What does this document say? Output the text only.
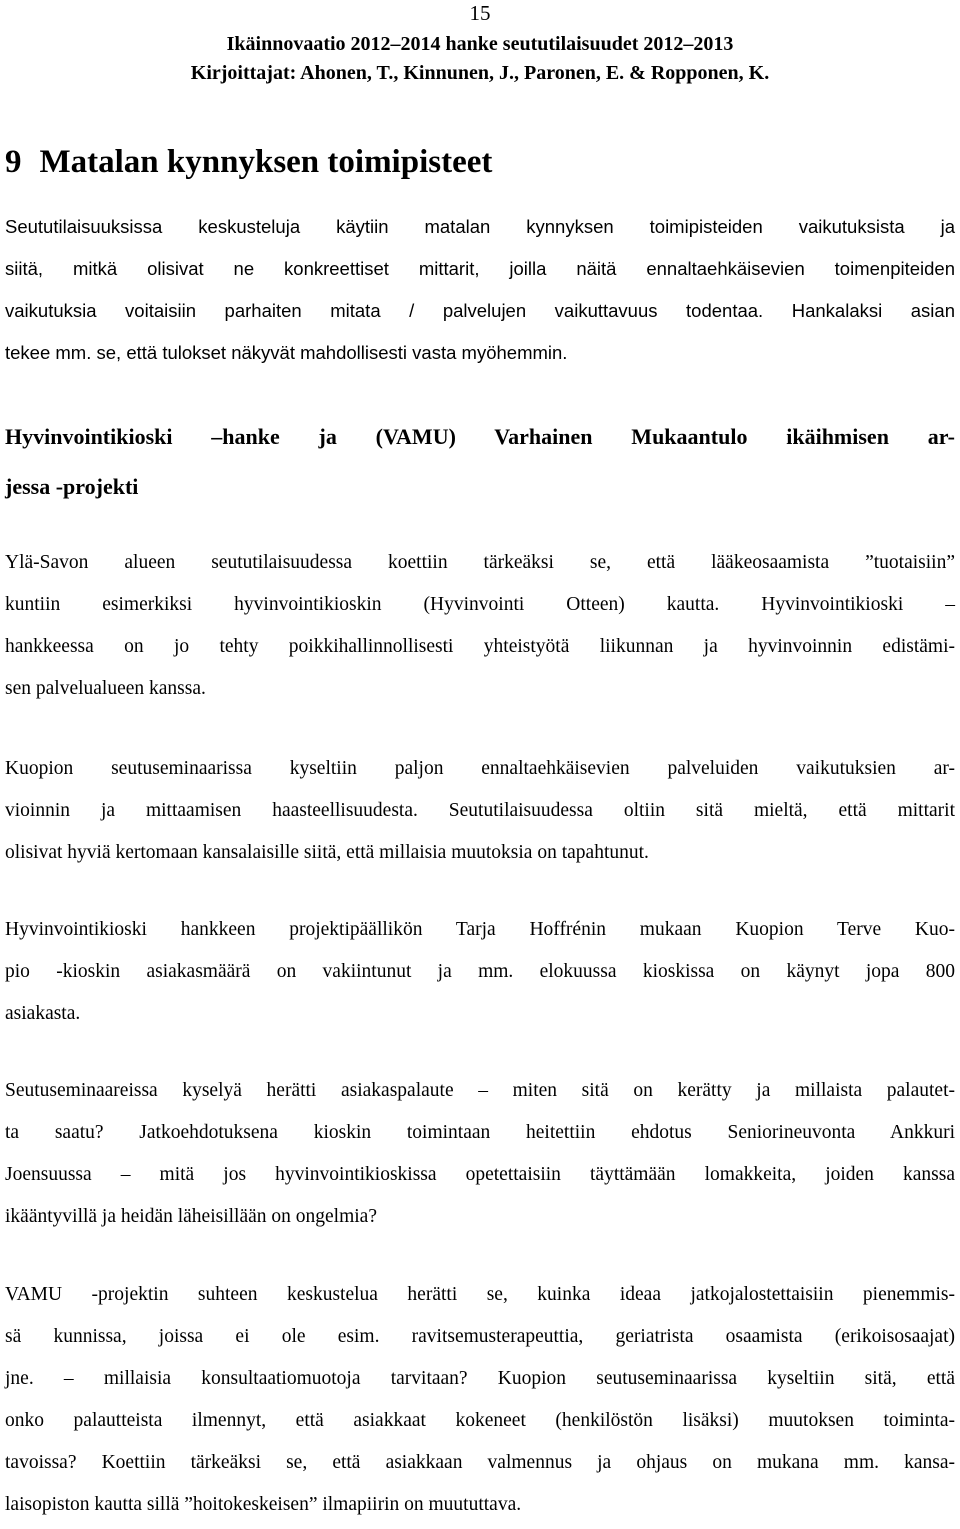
15
Ikäinnovaatio 2012–2014 hanke seututilaisuudet 2012–2013
Kirjoittajat: Ahonen, T., Kinnunen, J., Paronen, E. & Ropponen, K.
9 Matalan kynnyksen toimipisteet
Seututilaisuuksissa keskusteluja käytiin matalan kynnyksen toimipisteiden vaikutuksista ja
siitä, mitkä olisivat ne konkreettiset mittarit, joilla näitä ennaltaehkäisevien toimenpiteiden
vaikutuksia voitaisiin parhaiten mitata / palvelujen vaikuttavuus todentaa. Hankalaksi asian
tekee mm. se, että tulokset näkyvät mahdollisesti vasta myöhemmin.
Hyvinvointikioski –hanke ja (VAMU) Varhainen Mukaantulo ikäihmisen ar-
jessa -projekti
Ylä-Savon alueen seututilaisuudessa koettiin tärkeäksi se, että lääkeosaamista ”tuotaisiin”
kuntiin esimerkiksi hyvinvointikioskin (Hyvinvointi Otteen) kautta. Hyvinvointikioski –
hankkeessa on jo tehty poikkihallinnollisesti yhteistyötä liikunnan ja hyvinvoinnin edistämi-
sen palvelualueen kanssa.
Kuopion seutuseminaarissa kyseltiin paljon ennaltaehkäisevien palveluiden vaikutuksien ar-
vioinnin ja mittaamisen haasteellisuudesta. Seututilaisuudessa oltiin sitä mieltä, että mittarit
olisivat hyviä kertomaan kansalaisille siitä, että millaisia muutoksia on tapahtunut.
Hyvinvointikioski hankkeen projektipäällikön Tarja Hoffrénin mukaan Kuopion Terve Kuo-
pio -kioskin asiakasmäärä on vakiintunut ja mm. elokuussa kioskissa on käynyt jopa 800
asiakasta.
Seutuseminaareissa kyselyä herätti asiakaspalaute – miten sitä on kerätty ja millaista palautet-
ta saatu? Jatkoehdotuksena kioskin toimintaan heitettiin ehdotus Seniorineuvonta Ankkuri
Joensuussa – mitä jos hyvinvointikioskissa opetettaisiin täyttämään lomakkeita, joiden kanssa
ikääntyvillä ja heidän läheisillään on ongelmia?
VAMU -projektin suhteen keskustelua herätti se, kuinka ideaa jatkojalostettaisiin pienemmis-
sä kunnissa, joissa ei ole esim. ravitsemusterapeuttia, geriatrista osaamista (erikoisosaajat)
jne. – millaisia konsultaatiomuotoja tarvitaan? Kuopion seutuseminaarissa kyseltiin sitä, että
onko palautteista ilmennyt, että asiakkaat kokeneet (henkilöstön lisäksi) muutoksen toiminta-
tavoissa? Koettiin tärkeäksi se, että asiakkaan valmennus ja ohjaus on mukana mm. kansa-
laisopiston kautta sillä ”hoitokeskeisen” ilmapiirin on muututtava.
